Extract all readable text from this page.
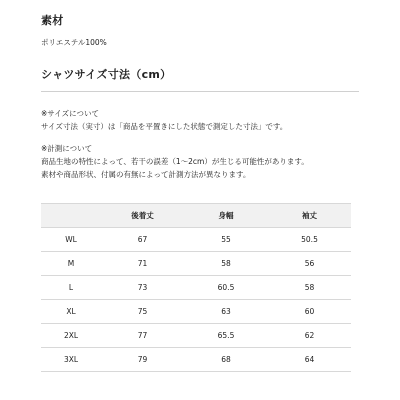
素材

ポリエステル100%

シャツサイズ寸法（cm）

※サイズについて

サイズ寸法（実寸）は「商品を平置きにした状態で測定した寸法」です。

※計測について

商品生地の特性によって、若干の誤差（1〜2cm）が生じる可能性があります。

素材や商品形状、付属の有無によって計測方法が異なります。

	後着丈	身幅	袖丈
WL	67	55	50.5
M	71	58	56
L	73	60.5	58
XL	75	63	60
2XL	77	65.5	62
3XL	79	68	64
